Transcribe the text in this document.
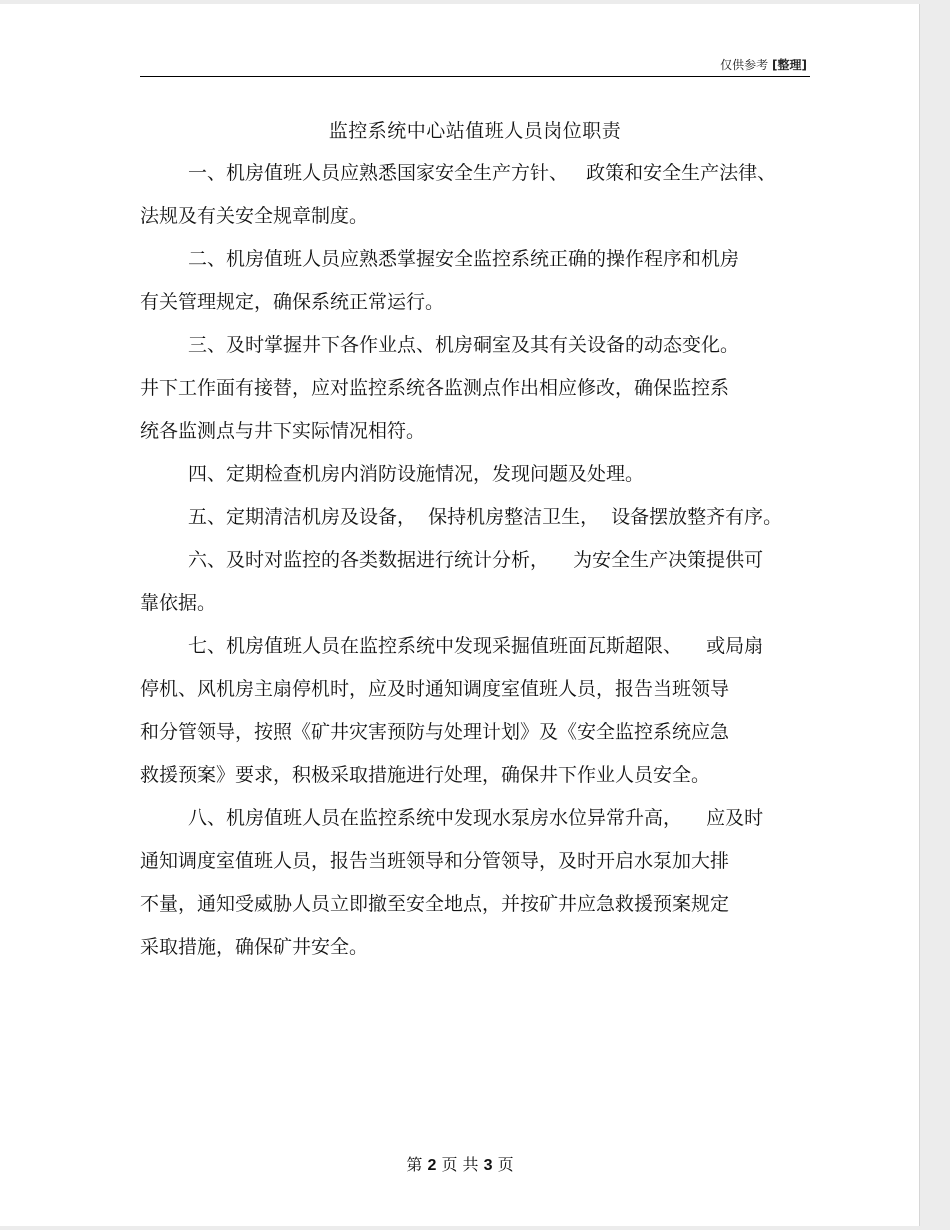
仅供参考 [整理]
监控系统中心站值班人员岗位职责
一、机房值班人员应熟悉国家安全生产方针、   政策和安全生产法律、
法规及有关安全规章制度。
二、机房值班人员应熟悉掌握安全监控系统正确的操作程序和机房
有关管理规定，确保系统正常运行。
三、及时掌握井下各作业点、机房硐室及其有关设备的动态变化。
井下工作面有接替，应对监控系统各监测点作出相应修改，确保监控系
统各监测点与井下实际情况相符。
四、定期检查机房内消防设施情况，发现问题及处理。
五、定期清洁机房及设备，  保持机房整洁卫生，  设备摆放整齐有序。
六、及时对监控的各类数据进行统计分析，    为安全生产决策提供可
靠依据。
七、机房值班人员在监控系统中发现采掘值班面瓦斯超限、    或局扇
停机、风机房主扇停机时，应及时通知调度室值班人员，报告当班领导
和分管领导，按照《矿井灾害预防与处理计划》及《安全监控系统应急
救援预案》要求，积极采取措施进行处理，确保井下作业人员安全。
八、机房值班人员在监控系统中发现水泵房水位异常升高，    应及时
通知调度室值班人员，报告当班领导和分管领导，及时开启水泵加大排
不量，通知受威胁人员立即撤至安全地点，并按矿井应急救援预案规定
采取措施，确保矿井安全。
第 2 页 共 3 页
